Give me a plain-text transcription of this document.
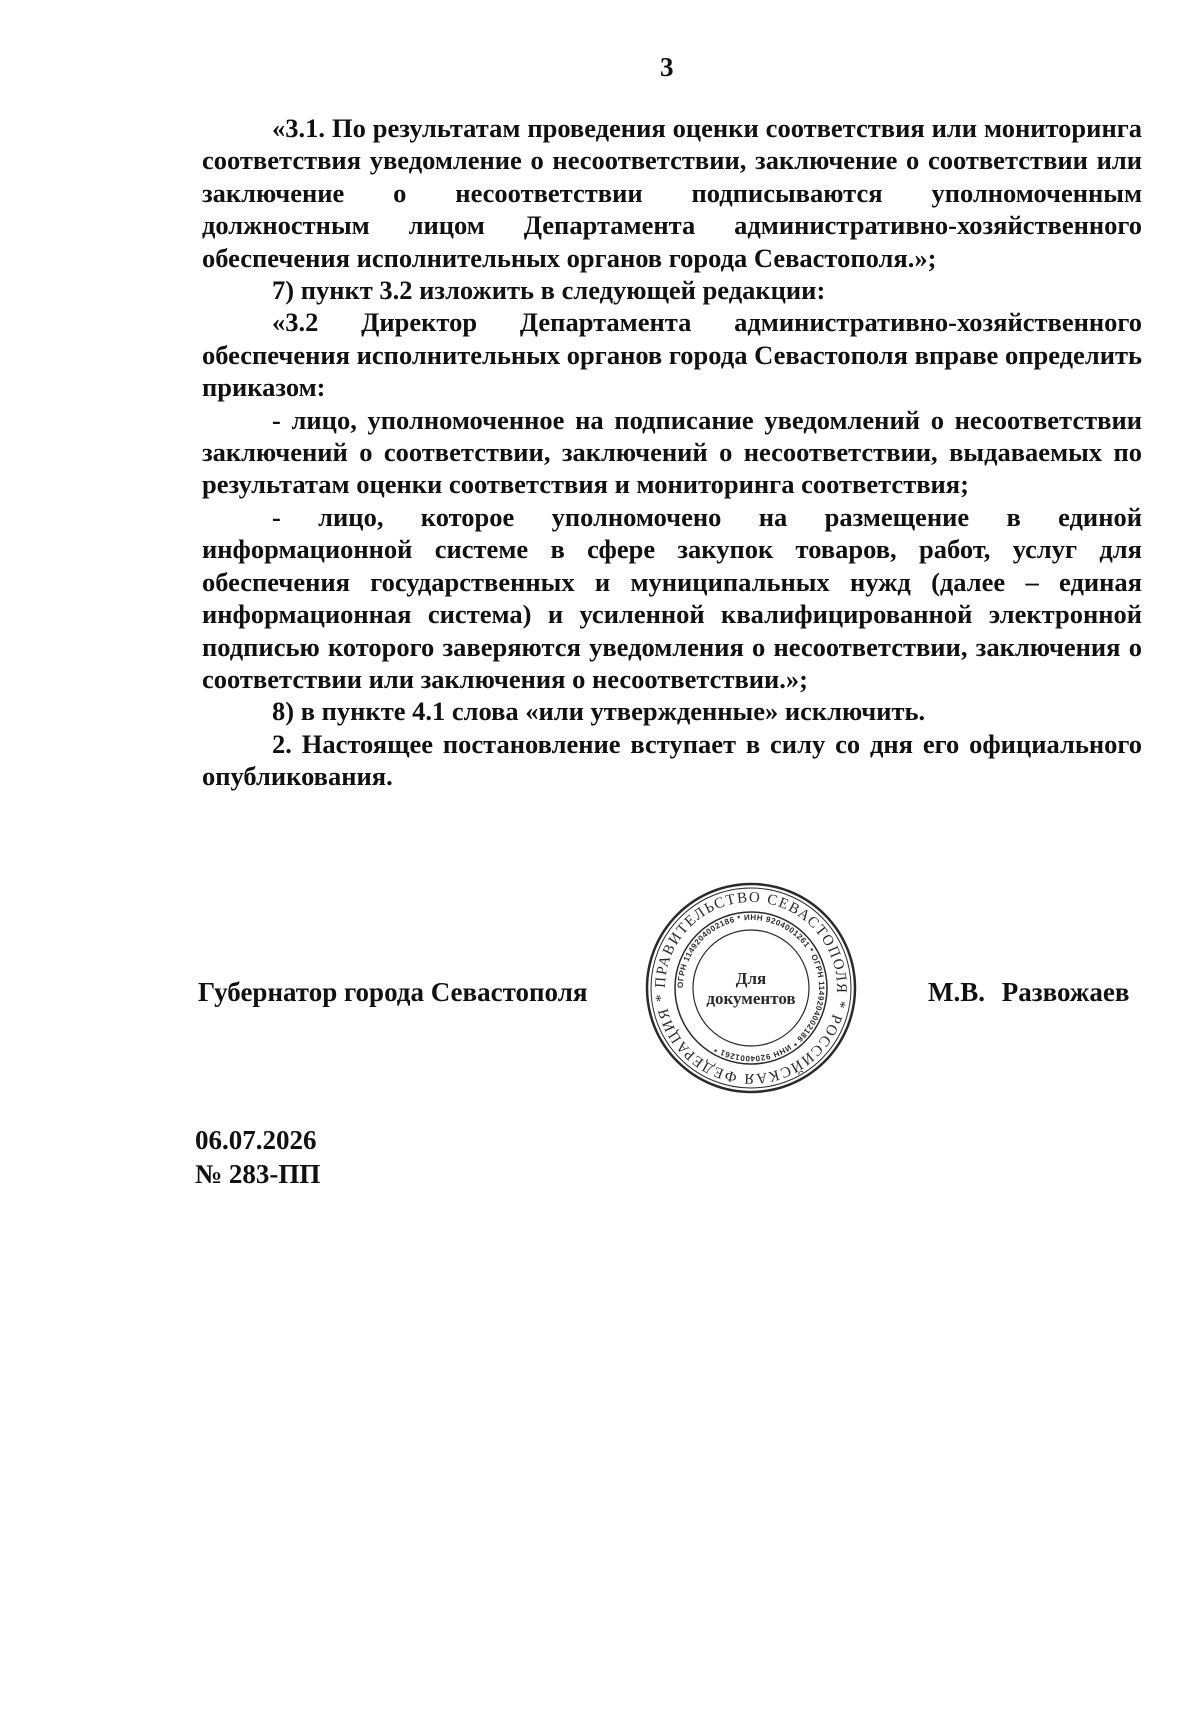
3

«3.1. По результатам проведения оценки соответствия или мониторинга соответствия уведомление о несоответствии, заключение о соответствии или заключение о несоответствии подписываются уполномоченным должностным лицом Департамента административно-хозяйственного обеспечения исполнительных органов города Севастополя.»;

7) пункт 3.2 изложить в следующей редакции:

«3.2 Директор Департамента административно-хозяйственного обеспечения исполнительных органов города Севастополя вправе определить приказом:

- лицо, уполномоченное на подписание уведомлений о несоответствии заключений о соответствии, заключений о несоответствии, выдаваемых по результатам оценки соответствия и мониторинга соответствия;

- лицо, которое уполномочено на размещение в единой информационной системе в сфере закупок товаров, работ, услуг для обеспечения государственных и муниципальных нужд (далее – единая информационная система) и усиленной квалифицированной электронной подписью которого заверяются уведомления о несоответствии, заключения о соответствии или заключения о несоответствии.»;

8) в пункте 4.1 слова «или утвержденные» исключить.

2. Настоящее постановление вступает в силу со дня его официального опубликования.

Губернатор города Севастополя	ПРАВИТЕЛЬСТВО СЕВАСТОПОЛЯ * РОССИЙСКАЯ ФЕДЕРАЦИЯ *
ОГРН 1149204002186 * ИНН 9204001261 * ОГРН 1149204002186 * ИНН 9204001261 *
Для
документов	М.В. Развожаев
06.07.2026
№ 283-ПП
